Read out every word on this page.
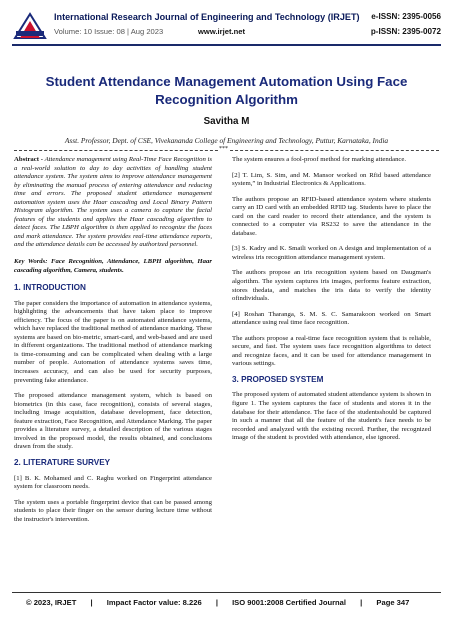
International Research Journal of Engineering and Technology (IRJET)
Volume: 10 Issue: 08 | Aug 2023	www.irjet.net
e-ISSN: 2395-0056
p-ISSN: 2395-0072
Student Attendance Management Automation Using Face Recognition Algorithm
Savitha M
Asst. Professor, Dept. of CSE, Vivekananda College of Engineering and Technology, Puttur, Karnataka, India
***

Abstract - Attendance management using Real-Time Face Recognition is a real-world solution to day to day activities of handling student attendance system. The system aims to improve attendance management by eliminating the manual process of entering attendance and reducing time and errors. The proposed student attendance management automation system uses the Haar cascading and Local Binary Pattern Histogram algorithm. The system uses a camera to capture the facial features of the students and applies the Haar cascading algorithm to detect faces. The LBPH algorithm is then applied to recognize the faces and mark attendance. The system provides real-time attendance reports, and the attendance details can be accessed by authorized personnel.

Key Words: Face Recognition, Attendance, LBPH algorithm, Haar cascading algorithm, Camera, students.

1. INTRODUCTION

The paper considers the importance of automation in attendance systems, highlighting the advancements that have taken place to improve efficiency. The focus of the paper is on automated attendance systems, which have replaced the traditional method of attendance marking. These systems are based on bio-metric, smart-card, and web-based and are used in different organizations. The traditional method of attendance marking is time-consuming and can be complicated when dealing with a large number of people. Automation of attendance systems saves time, increases accuracy, and can also be used for security purposes, preventing fake attendance.

The proposed attendance management system, which is based on biometrics (in this case, face recognition), consists of several stages, including image acquisition, database development, face detection, feature extraction, Face Recognition, and Attendance Marking. The paper provides a literature survey, a detailed description of the various stages involved in the proposed model, the results obtained, and conclusions drawn from the study.

2. LITERATURE SURVEY

[1] B. K. Mohamed and C. Raghu worked on Fingerprint attendance system for classroom needs.

The system uses a portable fingerprint device that can be passed among students to place their finger on the sensor during lecture time without the instructor's intervention.

The system ensures a fool-proof method for marking attendance.

[2] T. Lim, S. Sim, and M. Mansor worked on Rfid based attendance system,” in Industrial Electronics & Applications.

The authors propose an RFID-based attendance system where students carry an ID card with an embedded RFID tag. Students have to place the card on the card reader to record their attendance, and the system is connected to a computer via RS232 to save the attendance in the database.

[3] S. Kadry and K. Smaili worked on A design and implementation of a wireless iris recognition attendance management system.

The authors propose an iris recognition system based on Daugman's algorithm. The system captures iris images, performs feature extraction, stores thedata, and matches the iris data to verify the identity ofindividuals.

[4] Roshan Tharanga, S. M. S. C. Samarakoon worked on Smart attendance using real time face recognition.

The authors propose a real-time face recognition system that is reliable, secure, and fast. The system uses face recognition algorithms to detect and recognize faces, and it can be used for attendance management in various settings.

3. PROPOSED SYSTEM

The proposed system of automated student attendance system is shown in figure 1. The system captures the face of students and stores it in the database for their attendance. The face of the studentsshould be captured in such a manner that all the feature of the student's face needs to be recorded and analyzed with the existing record. Further, the recognized image of the student is provided with attendance, else ignored.

© 2023, IRJET | Impact Factor value: 8.226 | ISO 9001:2008 Certified Journal | Page 347
